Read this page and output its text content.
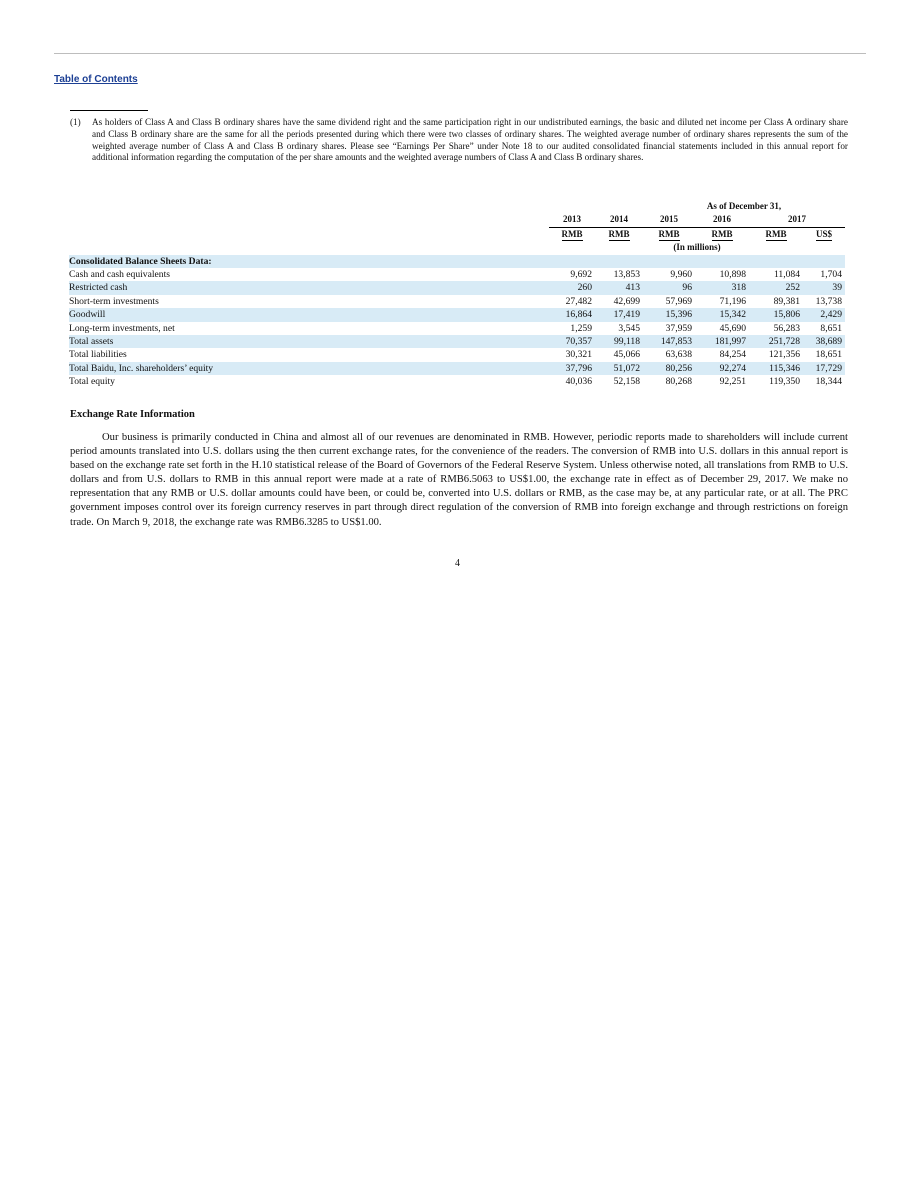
Table of Contents
(1)	As holders of Class A and Class B ordinary shares have the same dividend right and the same participation right in our undistributed earnings, the basic and diluted net income per Class A ordinary share and Class B ordinary share are the same for all the periods presented during which there were two classes of ordinary shares. The weighted average number of ordinary shares represents the sum of the weighted average number of Class A and Class B ordinary shares. Please see “Earnings Per Share” under Note 18 to our audited consolidated financial statements included in this annual report for additional information regarding the computation of the per share amounts and the weighted average numbers of Class A and Class B ordinary shares.
			As of December 31,			
	2013	2014	2015	2016	2017	
	RMB	RMB	RMB	RMB	RMB	US$
	(In millions)					
Consolidated Balance Sheets Data:						
Cash and cash equivalents	9,692	13,853	9,960	10,898	11,084	1,704
Restricted cash	260	413	96	318	252	39
Short-term investments	27,482	42,699	57,969	71,196	89,381	13,738
Goodwill	16,864	17,419	15,396	15,342	15,806	2,429
Long-term investments, net	1,259	3,545	37,959	45,690	56,283	8,651
Total assets	70,357	99,118	147,853	181,997	251,728	38,689
Total liabilities	30,321	45,066	63,638	84,254	121,356	18,651
Total Baidu, Inc. shareholders’ equity	37,796	51,072	80,256	92,274	115,346	17,729
Total equity	40,036	52,158	80,268	92,251	119,350	18,344
Exchange Rate Information

Our business is primarily conducted in China and almost all of our revenues are denominated in RMB. However, periodic reports made to shareholders will include current period amounts translated into U.S. dollars using the then current exchange rates, for the convenience of the readers. The conversion of RMB into U.S. dollars in this annual report is based on the exchange rate set forth in the H.10 statistical release of the Board of Governors of the Federal Reserve System. Unless otherwise noted, all translations from RMB to U.S. dollars and from U.S. dollars to RMB in this annual report were made at a rate of RMB6.5063 to US$1.00, the exchange rate in effect as of December 29, 2017. We make no representation that any RMB or U.S. dollar amounts could have been, or could be, converted into U.S. dollars or RMB, as the case may be, at any particular rate, or at all. The PRC government imposes control over its foreign currency reserves in part through direct regulation of the conversion of RMB into foreign exchange and through restrictions on foreign trade. On March 9, 2018, the exchange rate was RMB6.3285 to US$1.00.

4
